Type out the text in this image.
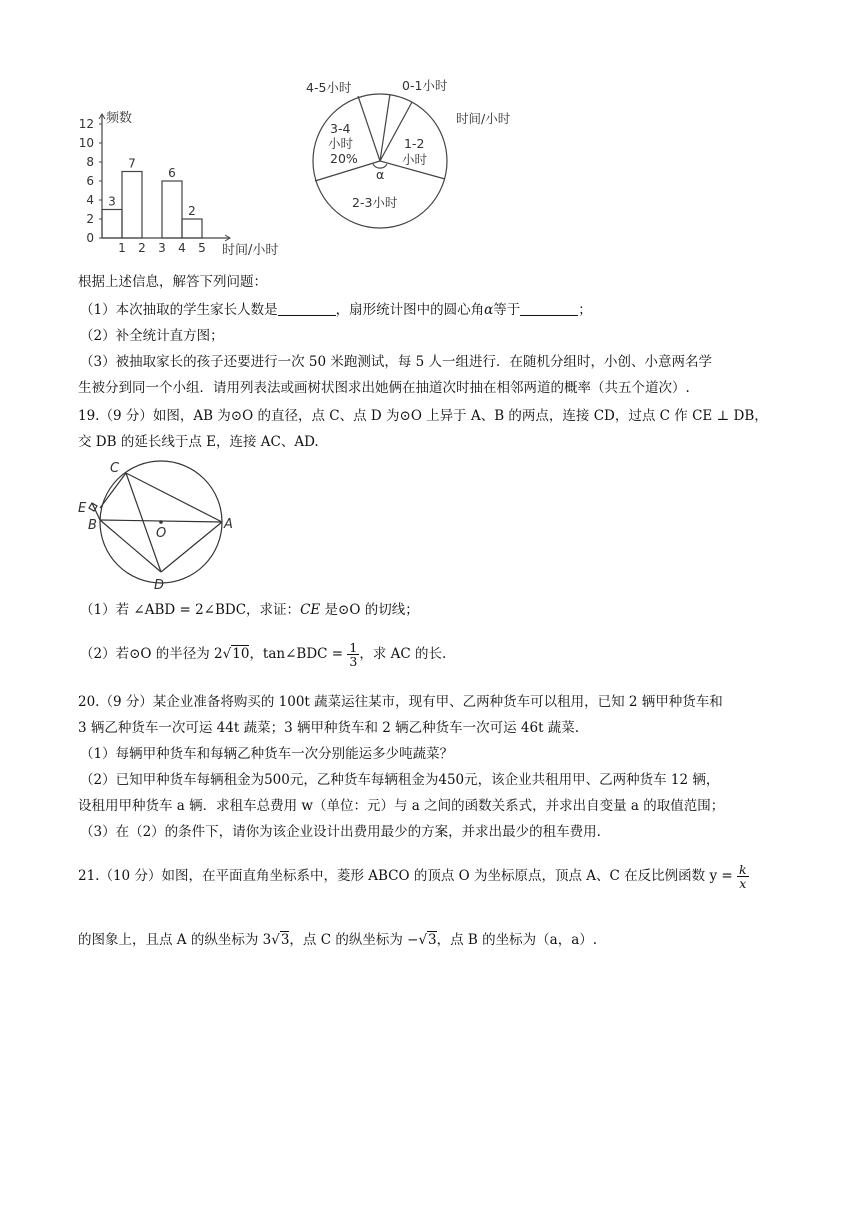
0
2
4
6
8
10
12
1 2 3 4 5
3
7
6
2
频数
时间/小时
4-5小时	0-1小时
时间/小时
3-4
小时
20%
1-2
小时
α
2-3小时
根据上述信息，解答下列问题：
（1）本次抽取的学生家长人数是	，扇形统计图中的圆心角α等于	；
（2）补全统计直方图；
（3）被抽取家长的孩子还要进行一次 50 米跑测试，每 5 人一组进行．在随机分组时，小创、小意两名学
生被分到同一个小组．请用列表法或画树状图求出她俩在抽道次时抽在相邻两道的概率（共五个道次）.
19.（9 分）如图，AB 为⊙O 的直径，点 C、点 D 为⊙O 上异于 A、B 的两点，连接 CD，过点 C 作 CE ⊥ DB，
交 DB 的延长线于点 E，连接 AC、AD.
C
E
B
O
A
D
（1）若 ∠ABD = 2∠BDC，求证：CE 是⊙O 的切线；
（2）若⊙O 的半径为 2√10，tan∠BDC = $\frac{1}{3}$ ，求 AC 的长.
20.（9 分）某企业准备将购买的 100t 蔬菜运往某市，现有甲、乙两种货车可以租用，已知 2 辆甲种货车和
3 辆乙种货车一次可运 44t 蔬菜；3 辆甲种货车和 2 辆乙种货车一次可运 46t 蔬菜.
（1）每辆甲种货车和每辆乙种货车一次分别能运多少吨蔬菜？
（2）已知甲种货车每辆租金为500元，乙种货车每辆租金为450元，该企业共租用甲、乙两种货车 12 辆，
设租用甲种货车 a 辆．求租车总费用 w（单位：元）与 a 之间的函数关系式，并求出自变量 a 的取值范围；
（3）在（2）的条件下，请你为该企业设计出费用最少的方案，并求出最少的租车费用.
21.（10 分）如图，在平面直角坐标系中，菱形 ABCO 的顶点 O 为坐标原点，顶点 A、C 在反比例函数 $y = \frac{k}{x}$
的图象上，且点 A 的纵坐标为 3√3，点 C 的纵坐标为 −√3，点 B 的坐标为（a，a）.
